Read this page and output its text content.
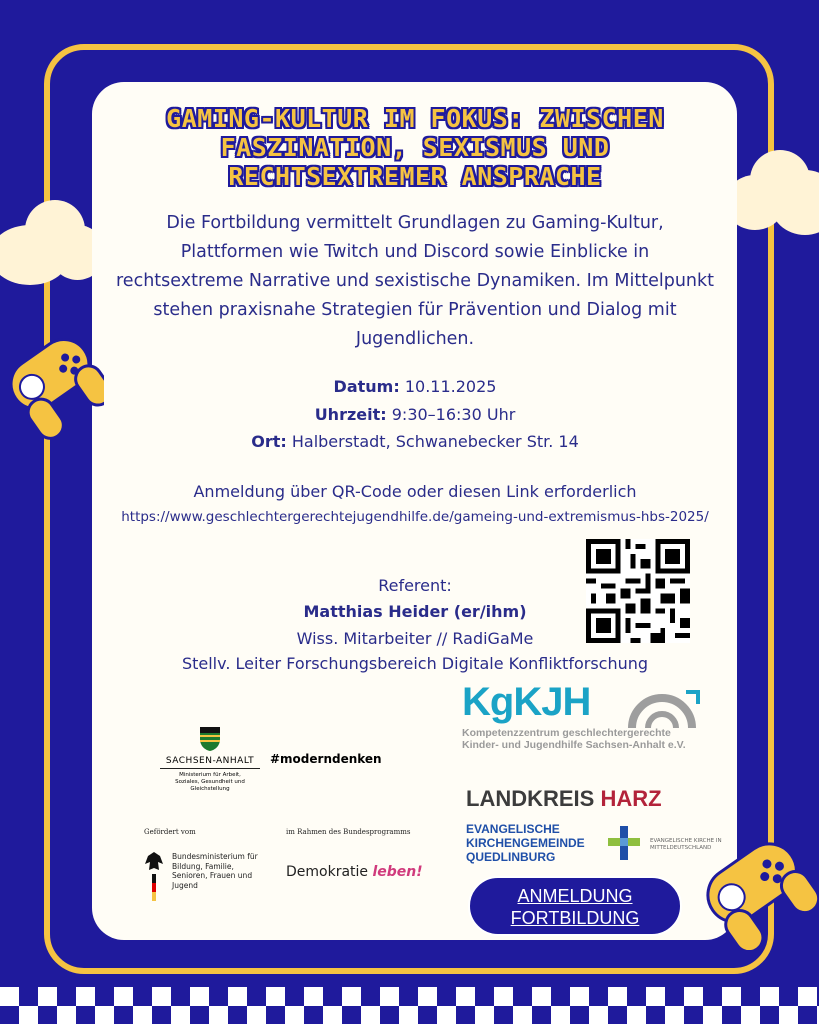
GAMING-KULTUR IM FOKUS: ZWISCHEN FASZINATION, SEXISMUS UND RECHTSEXTREMER ANSPRACHE
Die Fortbildung vermittelt Grundlagen zu Gaming-Kultur, Plattformen wie Twitch und Discord sowie Einblicke in rechtsextreme Narrative und sexistische Dynamiken. Im Mittelpunkt stehen praxisnahe Strategien für Prävention und Dialog mit Jugendlichen.
Datum: 10.11.2025
Uhrzeit: 9:30–16:30 Uhr
Ort: Halberstadt, Schwanebecker Str. 14
Anmeldung über QR-Code oder diesen Link erforderlich
https://www.geschlechtergerechtejugendhilfe.de/gameing-und-extremismus-hbs-2025/
Referent:
Matthias Heider (er/ihm)
Wiss. Mitarbeiter // RadiGaMe
Stellv. Leiter Forschungsbereich Digitale Konfliktforschung
SACHSEN-ANHALT
Ministerium für Arbeit, Soziales, Gesundheit und Gleichstellung
#moderndenken
KgKJH
Kompetenzzentrum geschlechtergerechte
Kinder- und Jugendhilfe Sachsen-Anhalt e.V.
LANDKREIS HARZ
EVANGELISCHE KIRCHENGEMEINDE QUEDLINBURG
EVANGELISCHE KIRCHE IN MITTELDEUTSCHLAND
Gefördert vom
Bundesministerium für Bildung, Familie, Senioren, Frauen und Jugend
im Rahmen des Bundesprogramms
Demokratie leben!
ANMELDUNG FORTBILDUNG
